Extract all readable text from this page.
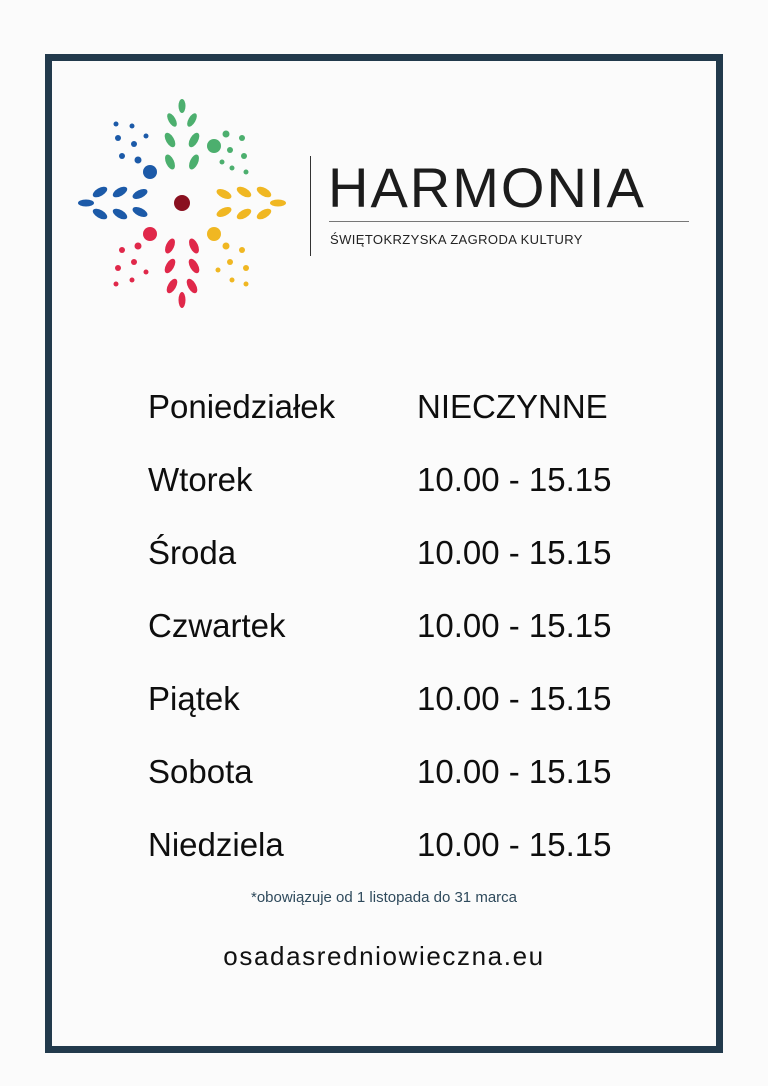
HARMONIA
ŚWIĘTOKRZYSKA ZAGRODA KULTURY
Poniedziałek	NIECZYNNE
Wtorek	10.00 - 15.15
Środa	10.00 - 15.15
Czwartek	10.00 - 15.15
Piątek	10.00 - 15.15
Sobota	10.00 - 15.15
Niedziela	10.00 - 15.15
*obowiązuje od 1 listopada do 31 marca
osadasredniowieczna.eu
